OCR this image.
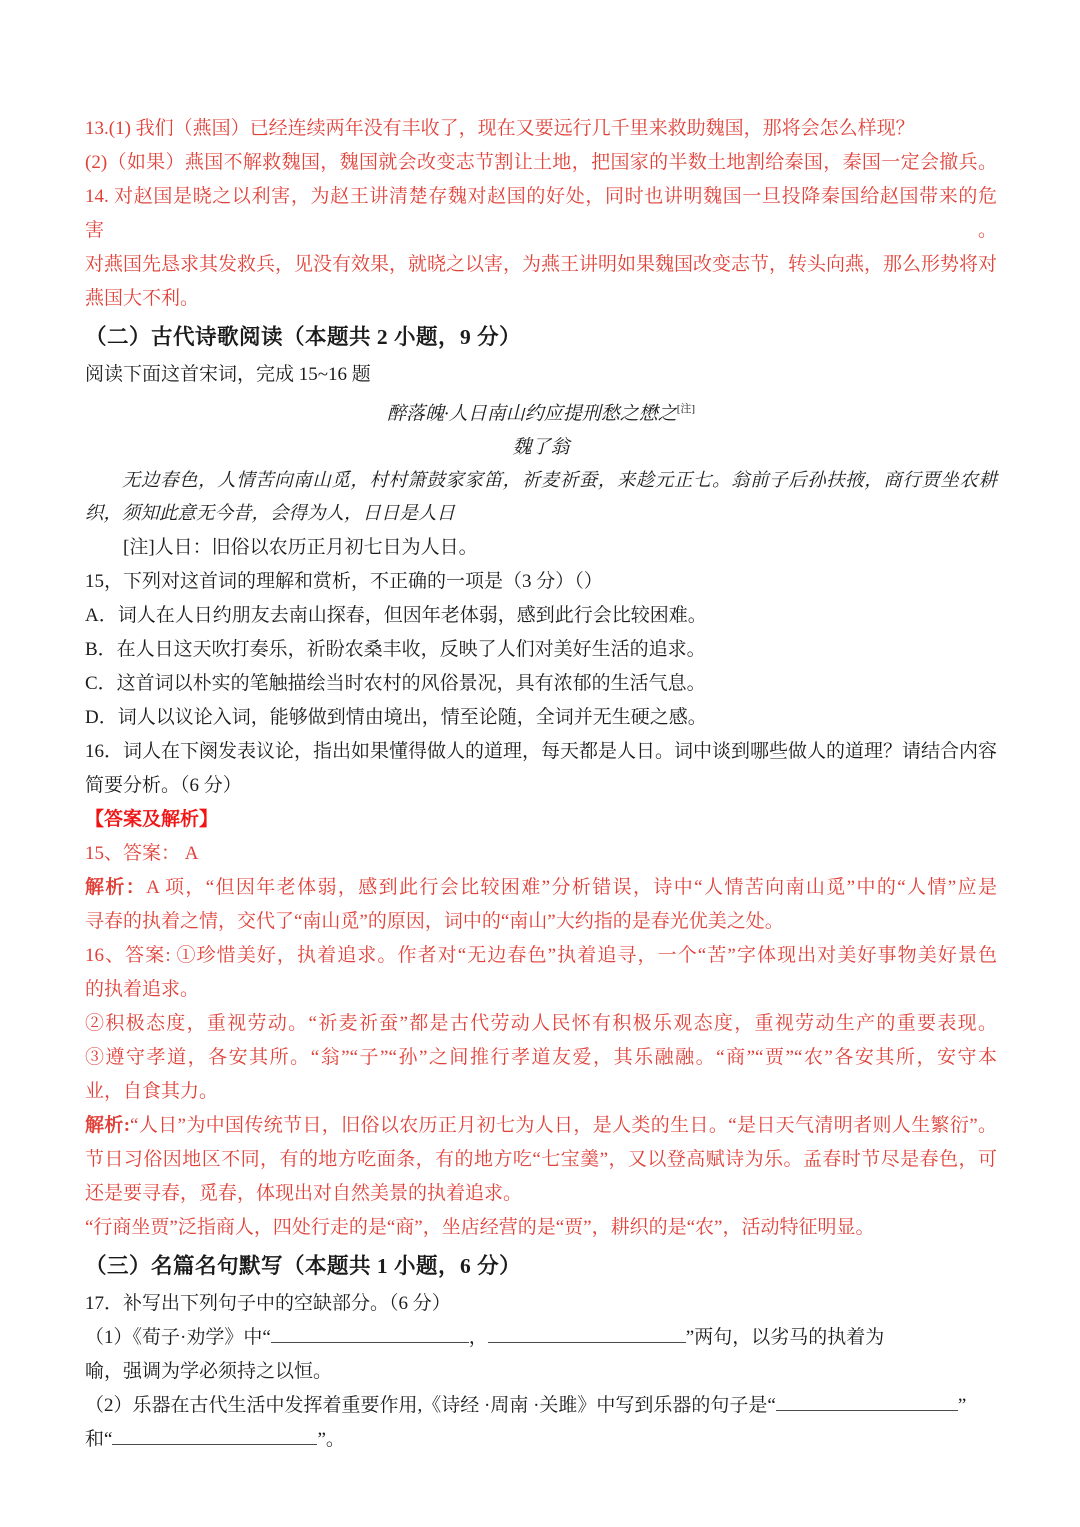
13.(1) 我们（燕国）已经连续两年没有丰收了，现在又要远行几千里来救助魏国，那将会怎么样现？
(2)（如果）燕国不解救魏国，魏国就会改变志节割让土地，把国家的半数土地割给秦国，秦国一定会撤兵。
14. 对赵国是晓之以利害，为赵王讲清楚存魏对赵国的好处，同时也讲明魏国一旦投降秦国给赵国带来的危害。
对燕国先恳求其发救兵，见没有效果，就晓之以害，为燕王讲明如果魏国改变志节，转头向燕，那么形势将对
燕国大不利。
（二）古代诗歌阅读（本题共 2 小题，9 分）
阅读下面这首宋词，完成 15~16 题
醉落魄·人日南山约应提刑愁之懋之[注]
魏了翁
无边春色，人情苦向南山觅，村村箫鼓家家笛，祈麦祈蚕，来趁元正七。翁前子后孙扶掖，商行贾坐农耕
织，须知此意无今昔，会得为人，日日是人日
[注]人日：旧俗以农历正月初七日为人日。
15，下列对这首词的理解和赏析，不正确的一项是（3 分）（）
A．词人在人日约朋友去南山探春，但因年老体弱，感到此行会比较困难。
B．在人日这天吹打奏乐，祈盼农桑丰收，反映了人们对美好生活的追求。
C．这首词以朴实的笔触描绘当时农村的风俗景况，具有浓郁的生活气息。
D．词人以议论入词，能够做到情由境出，情至论随，全词并无生硬之感。
16．词人在下阕发表议论，指出如果懂得做人的道理，每天都是人日。词中谈到哪些做人的道理？请结合内容
简要分析。（6 分）
【答案及解析】
15、答案： A
解析：A 项，“但因年老体弱，感到此行会比较困难”分析错误，诗中“人情苦向南山觅”中的“人情”应是
寻春的执着之情，交代了“南山觅”的原因，词中的“南山”大约指的是春光优美之处。
16、答案: ①珍惜美好，执着追求。作者对“无边春色”执着追寻，一个“苦”字体现出对美好事物美好景色
的执着追求。
②积极态度，重视劳动。“祈麦祈蚕”都是古代劳动人民怀有积极乐观态度，重视劳动生产的重要表现。
③遵守孝道，各安其所。“翁”“子”“孙”之间推行孝道友爱，其乐融融。“商”“贾”“农”各安其所，安守本
业，自食其力。
解析:“人日”为中国传统节日，旧俗以农历正月初七为人日，是人类的生日。“是日天气清明者则人生繁衍”。
节日习俗因地区不同，有的地方吃面条，有的地方吃“七宝羹”，又以登高赋诗为乐。孟春时节尽是春色，可
还是要寻春，觅春，体现出对自然美景的执着追求。
“行商坐贾”泛指商人，四处行走的是“商”，坐店经营的是“贾”，耕织的是“农”，活动特征明显。
（三）名篇名句默写（本题共 1 小题，6 分）
17．补写出下列句子中的空缺部分。（6 分）
（1）《荀子·劝学》中“	，	”两句，以劣马的执着为
喻，强调为学必须持之以恒。
（2）乐器在古代生活中发挥着重要作用,《诗经 ·周南 ·关雎》中写到乐器的句子是“	”
和“	”。
